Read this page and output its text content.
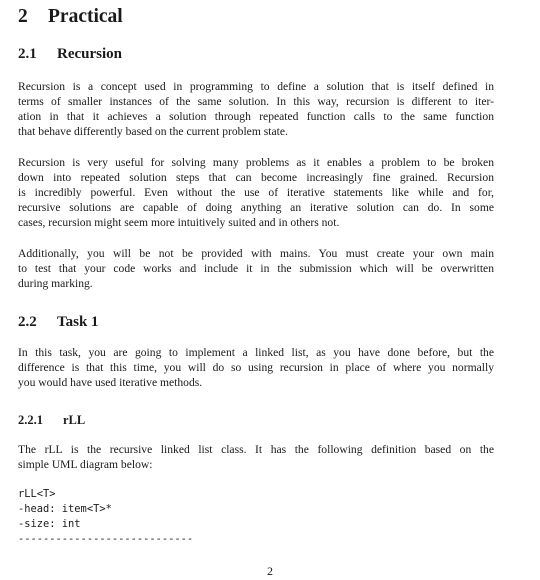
2 Practical
2.1 Recursion
Recursion is a concept used in programming to define a solution that is itself defined in
terms of smaller instances of the same solution. In this way, recursion is different to iter-
ation in that it achieves a solution through repeated function calls to the same function
that behave differently based on the current problem state.
Recursion is very useful for solving many problems as it enables a problem to be broken
down into repeated solution steps that can become increasingly fine grained. Recursion
is incredibly powerful. Even without the use of iterative statements like while and for,
recursive solutions are capable of doing anything an iterative solution can do. In some
cases, recursion might seem more intuitively suited and in others not.
Additionally, you will be not be provided with mains. You must create your own main
to test that your code works and include it in the submission which will be overwritten
during marking.
2.2 Task 1
In this task, you are going to implement a linked list, as you have done before, but the
difference is that this time, you will do so using recursion in place of where you normally
you would have used iterative methods.
2.2.1 rLL
The rLL is the recursive linked list class. It has the following definition based on the
simple UML diagram below:
rLL<T>
-head: item<T>*
-size: int
----------------------------
2
